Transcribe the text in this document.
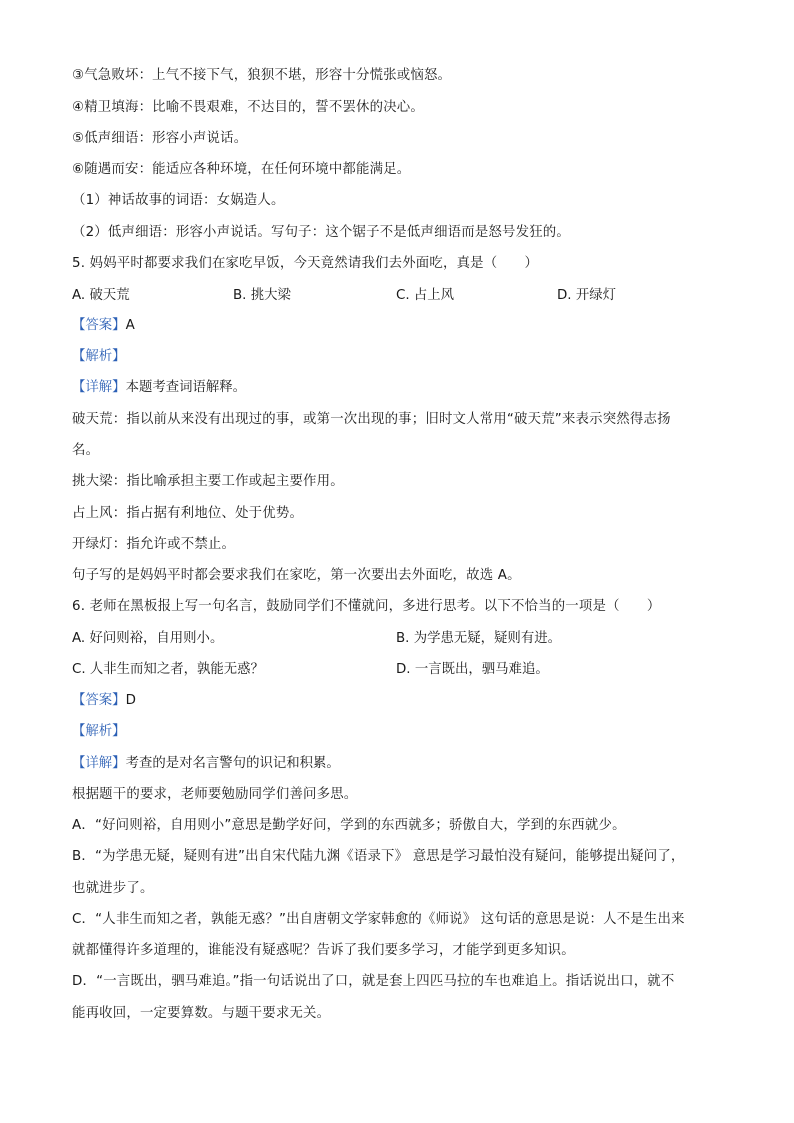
③气急败坏：上气不接下气，狼狈不堪，形容十分慌张或恼怒。
④精卫填海：比喻不畏艰难，不达目的，誓不罢休的决心。
⑤低声细语：形容小声说话。
⑥随遇而安：能适应各种环境，在任何环境中都能满足。
（1）神话故事的词语：女娲造人。
（2）低声细语：形容小声说话。写句子：这个锯子不是低声细语而是怒号发狂的。
5. 妈妈平时都要求我们在家吃早饭，今天竟然请我们去外面吃，真是（　　）
A. 破天荒	B. 挑大梁	C. 占上风	D. 开绿灯
【答案】A
【解析】
【详解】本题考查词语解释。
破天荒：指以前从来没有出现过的事，或第一次出现的事；旧时文人常用“破天荒”来表示突然得志扬
名。
挑大梁：指比喻承担主要工作或起主要作用。
占上风：指占据有利地位、处于优势。
开绿灯：指允许或不禁止。
句子写的是妈妈平时都会要求我们在家吃，第一次要出去外面吃，故选 A。
6. 老师在黑板报上写一句名言，鼓励同学们不懂就问，多进行思考。以下不恰当的一项是（　　）
A. 好问则裕，自用则小。	B. 为学患无疑，疑则有进。
C. 人非生而知之者，孰能无惑？	D. 一言既出，驷马难追。
【答案】D
【解析】
【详解】考查的是对名言警句的识记和积累。
根据题干的要求，老师要勉励同学们善问多思。
A．“好问则裕，自用则小”意思是勤学好问，学到的东西就多；骄傲自大，学到的东西就少。
B．“为学患无疑，疑则有进”出自宋代陆九渊《语录下》 意思是学习最怕没有疑问，能够提出疑问了，
也就进步了。
C．“人非生而知之者，孰能无惑？”出自唐朝文学家韩愈的《师说》 这句话的意思是说：人不是生出来
就都懂得许多道理的，谁能没有疑惑呢？告诉了我们要多学习，才能学到更多知识。
D．“一言既出，驷马难追。”指一句话说出了口，就是套上四匹马拉的车也难追上。指话说出口，就不
能再收回，一定要算数。与题干要求无关。
